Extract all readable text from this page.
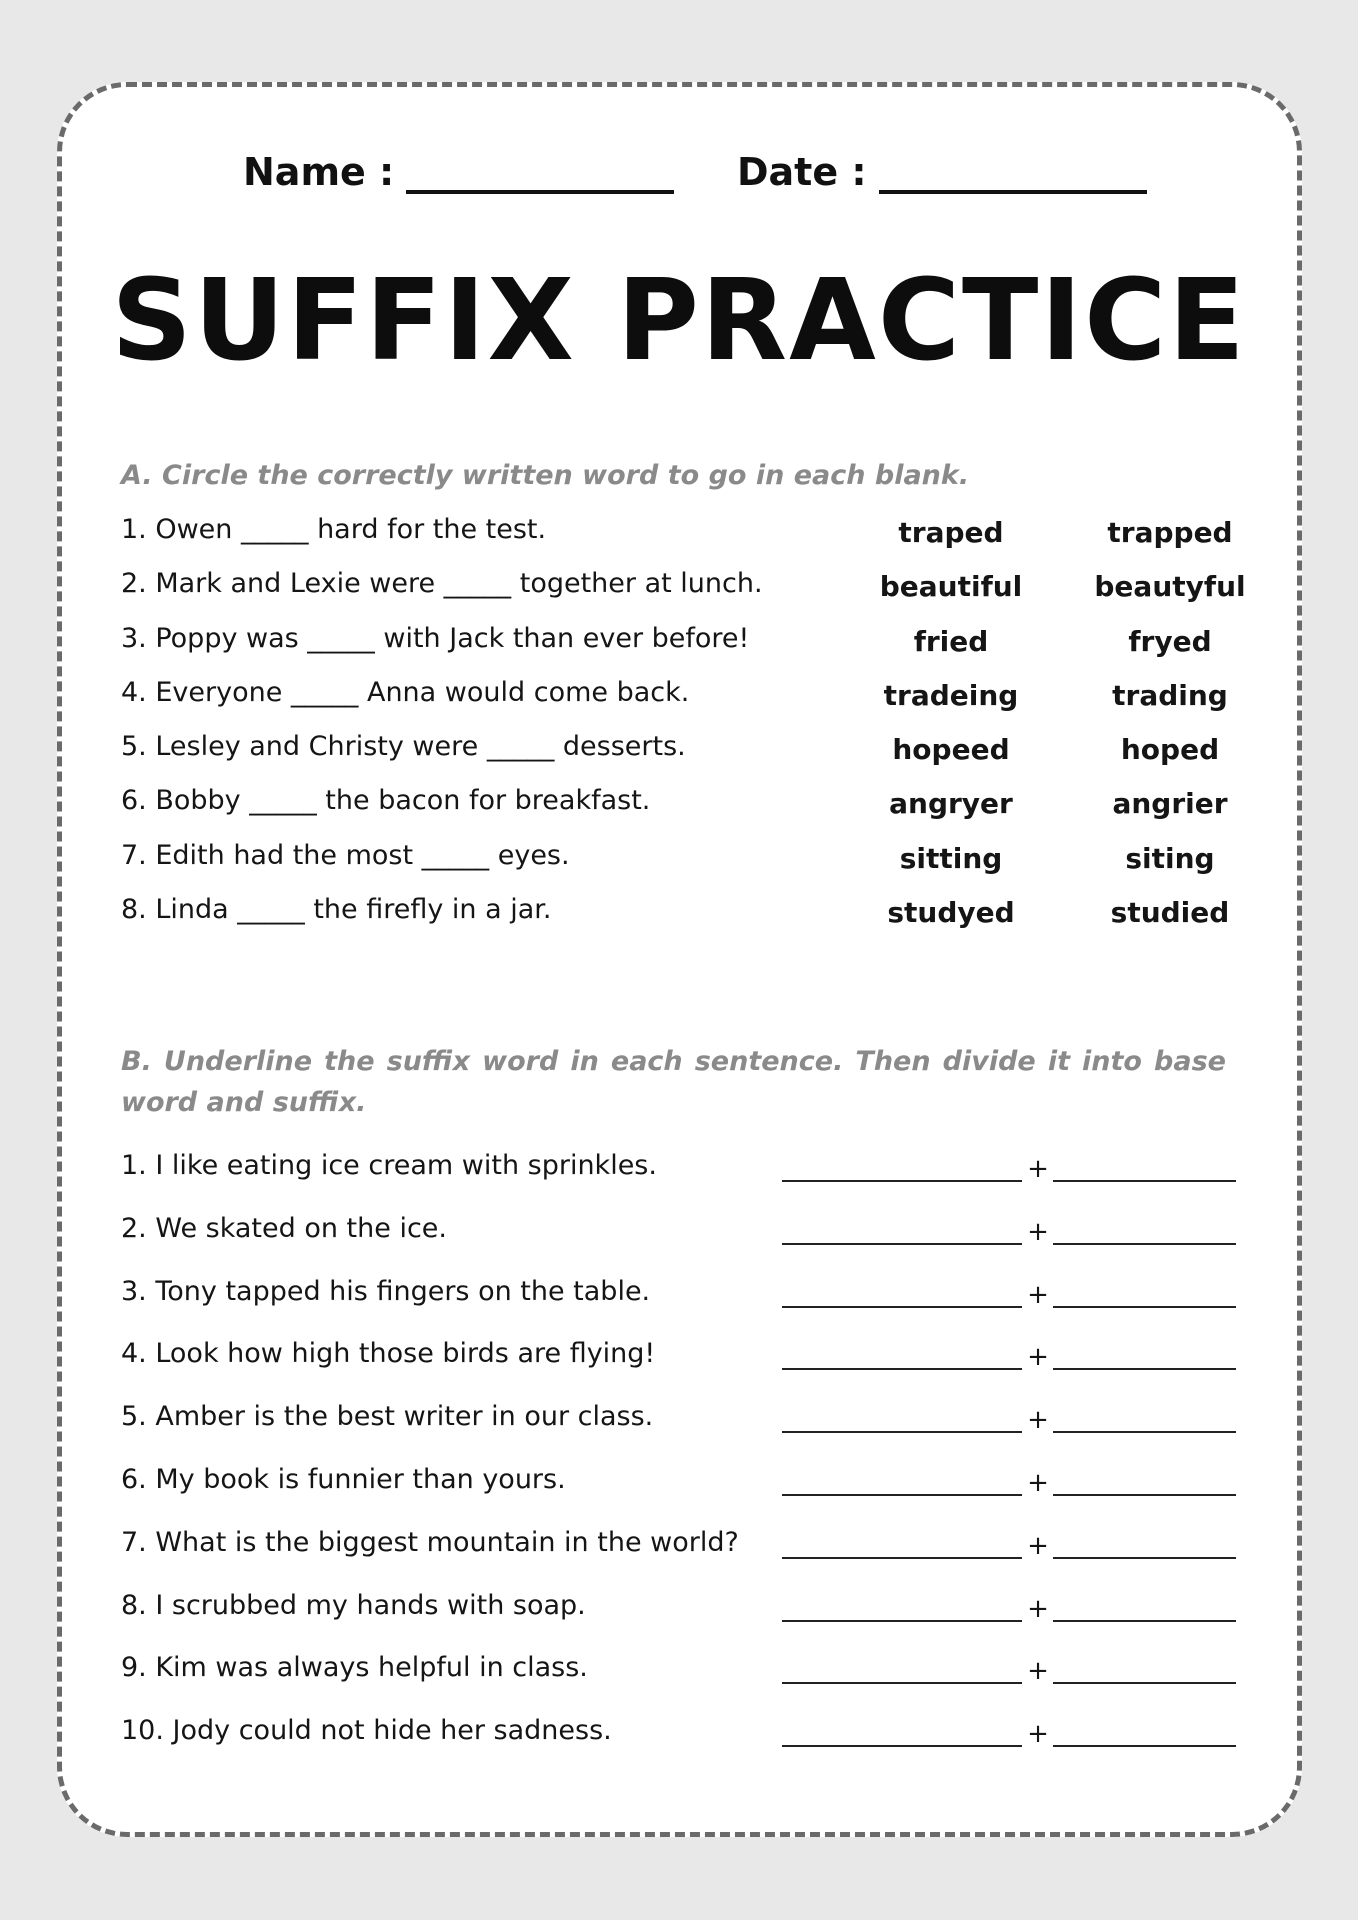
Name :	Date :
SUFFIX PRACTICE
A. Circle the correctly written word to go in each blank.
1. Owen _____ hard for the test.	traped	trapped
2. Mark and Lexie were _____ together at lunch.	beautiful	beautyful
3. Poppy was _____ with Jack than ever before!	fried	fryed
4. Everyone _____ Anna would come back.	tradeing	trading
5. Lesley and Christy were _____ desserts.	hopeed	hoped
6. Bobby _____ the bacon for breakfast.	angryer	angrier
7. Edith had the most _____ eyes.	sitting	siting
8. Linda _____ the firefly in a jar.	studyed	studied
B. Underline the suffix word in each sentence. Then divide it into base word and suffix.
1. I like eating ice cream with sprinkles.	+
2. We skated on the ice.	+
3. Tony tapped his fingers on the table.	+
4. Look how high those birds are flying!	+
5. Amber is the best writer in our class.	+
6. My book is funnier than yours.	+
7. What is the biggest mountain in the world?	+
8. I scrubbed my hands with soap.	+
9. Kim was always helpful in class.	+
10. Jody could not hide her sadness.	+
